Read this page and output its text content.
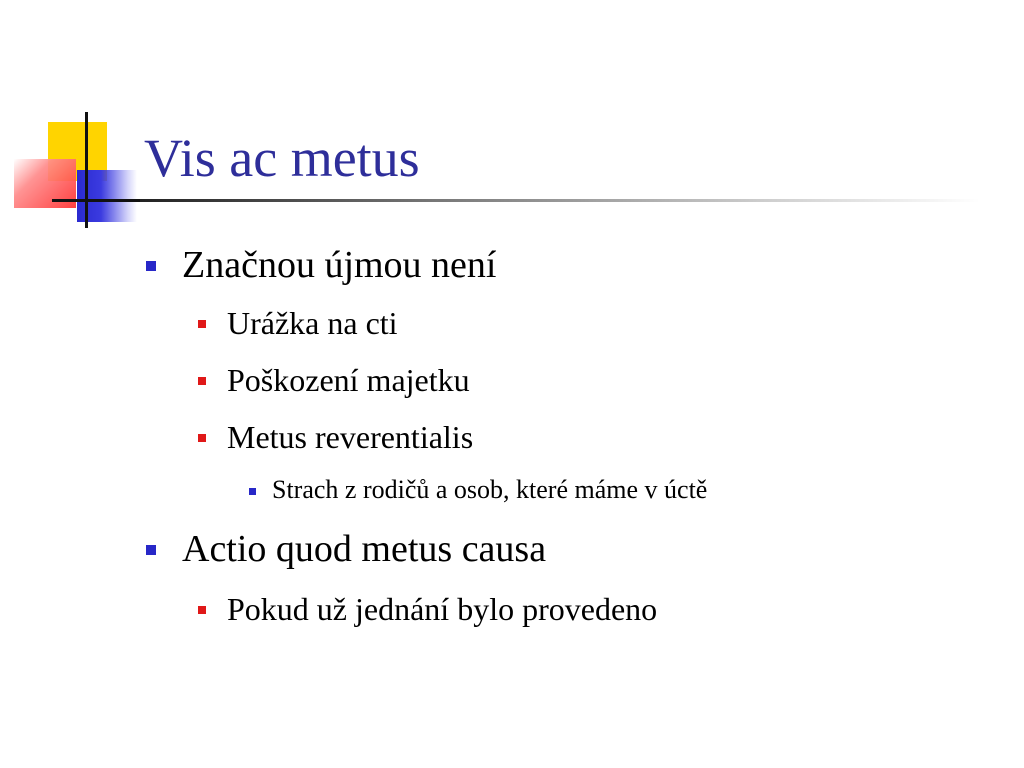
Vis ac metus
Značnou újmou není
Urážka na cti
Poškození majetku
Metus reverentialis
Strach z rodičů a osob, které máme v úctě
Actio quod metus causa
Pokud už jednání bylo provedeno
